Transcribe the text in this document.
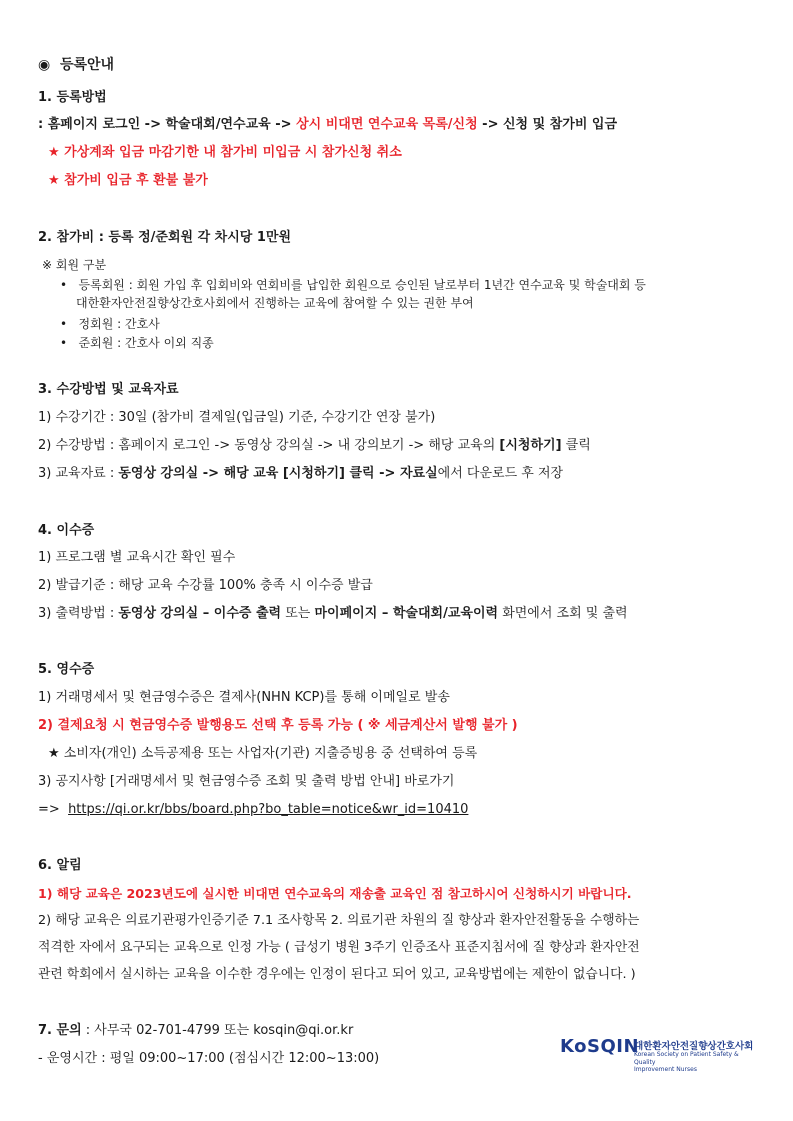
◉ 등록안내
1. 등록방법
: 홈페이지 로그인 -> 학술대회/연수교육 -> 상시 비대면 연수교육 목록/신청 -> 신청 및 참가비 입금
★ 가상계좌 입금 마감기한 내 참가비 미입금 시 참가신청 취소
★ 참가비 입금 후 환불 불가
2. 참가비 : 등록 정/준회원 각 차시당 1만원
※ 회원 구분
•   등록회원 : 회원 가입 후 입회비와 연회비를 납입한 회원으로 승인된 날로부터 1년간 연수교육 및 학술대회 등
대한환자안전질향상간호사회에서 진행하는 교육에 참여할 수 있는 권한 부여
•   정회원 : 간호사
•   준회원 : 간호사 이외 직종
3. 수강방법 및 교육자료
1) 수강기간 : 30일 (참가비 결제일(입금일) 기준, 수강기간 연장 불가)
2) 수강방법 : 홈페이지 로그인 -> 동영상 강의실 -> 내 강의보기 -> 해당 교육의 [시청하기] 클릭
3) 교육자료 : 동영상 강의실 -> 해당 교육 [시청하기] 클릭 -> 자료실에서 다운로드 후 저장
4. 이수증
1) 프로그램 별 교육시간 확인 필수
2) 발급기준 : 해당 교육 수강률 100% 충족 시 이수증 발급
3) 출력방법 : 동영상 강의실 – 이수증 출력 또는 마이페이지 – 학술대회/교육이력 화면에서 조회 및 출력
5. 영수증
1) 거래명세서 및 현금영수증은 결제사(NHN KCP)를 통해 이메일로 발송
2) 결제요청 시 현금영수증 발행용도 선택 후 등록 가능 ( ※ 세금계산서 발행 불가 )
★ 소비자(개인) 소득공제용 또는 사업자(기관) 지출증빙용 중 선택하여 등록
3) 공지사항 [거래명세서 및 현금영수증 조회 및 출력 방법 안내] 바로가기
=> https://qi.or.kr/bbs/board.php?bo_table=notice&wr_id=10410
6. 알림
1) 해당 교육은 2023년도에 실시한 비대면 연수교육의 재송출 교육인 점 참고하시어 신청하시기 바랍니다.
2) 해당 교육은 의료기관평가인증기준 7.1 조사항목 2. 의료기관 차원의 질 향상과 환자안전활동을 수행하는
적격한 자에서 요구되는 교육으로 인정 가능 ( 급성기 병원 3주기 인증조사 표준지침서에 질 향상과 환자안전
관련 학회에서 실시하는 교육을 이수한 경우에는 인정이 된다고 되어 있고, 교육방법에는 제한이 없습니다. )
7. 문의 : 사무국 02-701-4799 또는 kosqin@qi.or.kr
- 운영시간 : 평일 09:00~17:00 (점심시간 12:00~13:00)
KoSQIN
대한환자안전질향상간호사회
Korean Society on Patient Safety & Quality
Improvement Nurses
